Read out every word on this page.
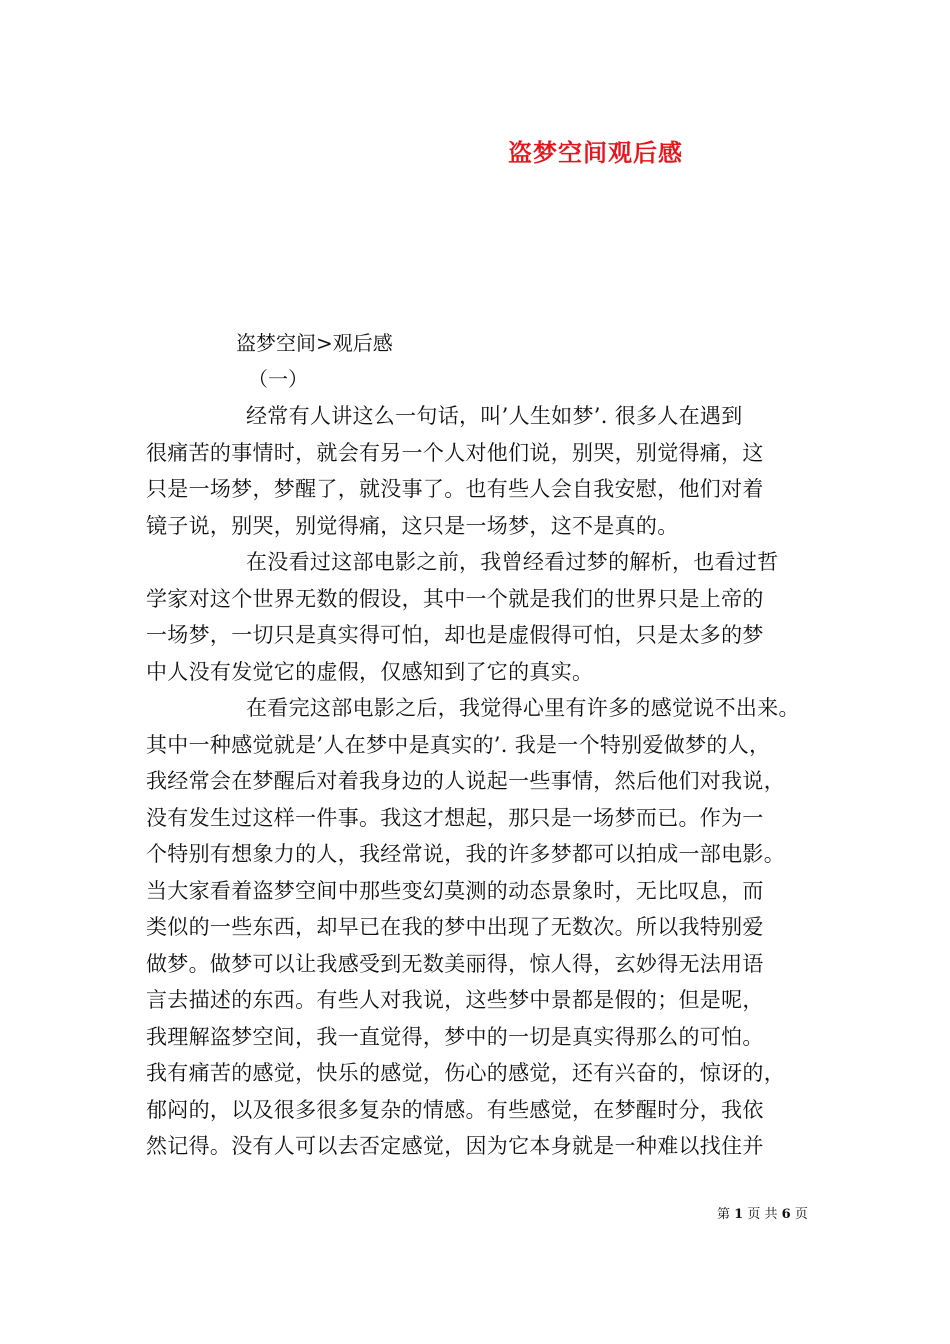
盗梦空间观后感
盗梦空间>观后感
（一）
经常有人讲这么一句话，叫’人生如梦’. 很多人在遇到
很痛苦的事情时，就会有另一个人对他们说，别哭，别觉得痛，这
只是一场梦，梦醒了，就没事了。也有些人会自我安慰，他们对着
镜子说，别哭，别觉得痛，这只是一场梦，这不是真的。
在没看过这部电影之前，我曾经看过梦的解析，也看过哲
学家对这个世界无数的假设，其中一个就是我们的世界只是上帝的
一场梦，一切只是真实得可怕，却也是虚假得可怕，只是太多的梦
中人没有发觉它的虚假，仅感知到了它的真实。
在看完这部电影之后，我觉得心里有许多的感觉说不出来。
其中一种感觉就是’人在梦中是真实的’. 我是一个特别爱做梦的人，
我经常会在梦醒后对着我身边的人说起一些事情，然后他们对我说，
没有发生过这样一件事。我这才想起，那只是一场梦而已。作为一
个特别有想象力的人，我经常说，我的许多梦都可以拍成一部电影。
当大家看着盗梦空间中那些变幻莫测的动态景象时，无比叹息，而
类似的一些东西，却早已在我的梦中出现了无数次。所以我特别爱
做梦。做梦可以让我感受到无数美丽得，惊人得，玄妙得无法用语
言去描述的东西。有些人对我说，这些梦中景都是假的；但是呢，
我理解盗梦空间，我一直觉得，梦中的一切是真实得那么的可怕。
我有痛苦的感觉，快乐的感觉，伤心的感觉，还有兴奋的，惊讶的，
郁闷的，以及很多很多复杂的情感。有些感觉，在梦醒时分，我依
然记得。没有人可以去否定感觉，因为它本身就是一种难以找住并
第 1 页 共 6 页
